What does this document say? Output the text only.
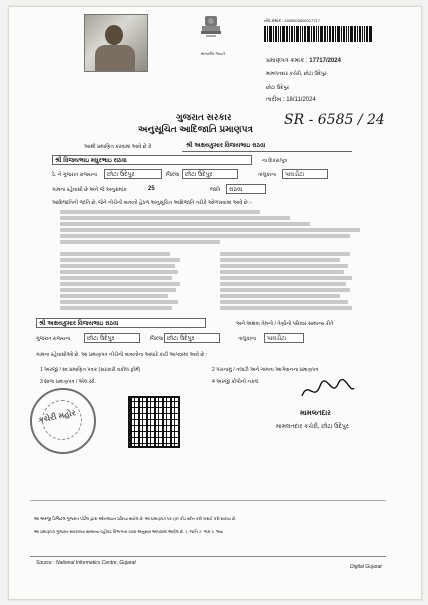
સત્યમેવ જયતે
નોંધ ક્રમાંક : 2400002600017717
પ્રમાણપત્ર ક્રમાંક : 17717/2024
મામલતદાર કચેરી, છોટા ઉદેપુર
છોટા ઉદેપુર
તારીખ : 18/11/2024
SR - 6585 / 24
ગુજરાત સરકાર
અનુસૂચિત આદિજાતિ પ્રમાણપત્ર
આથી પ્રમાણિત કરવામાં આવે છે કે	શ્રી અક્ષયકુમાર વિજયભાઇ રાઠવા
શ્રી વિજયભાઇ મધુરભાઇ રાઠવા	ના દિકરા/પુત્ર
ઠે. ને ગુજરાત રાજ્યના	છોટા ઉદેપુર	જિલ્લા છોટા ઉદેપુર	તાલુકાના	પાવડીટા
ગામના રહેવાસી છે અને જે અનુક્રમાંક	25	જાતિ	રાઠવા
આદિજાતિની જાતિ છે, જેને નીચેની બાબતો હેઠળ અનુસૂચિત આદિજાતિ તરીકે ઓળખવામાં આવે છે :-
શ્રી અક્ષયકુમાર વિજયભાઇ રાઠવા	અને અથવા તેમનો / તેણીનો પરિવાર સામાન્ય રીતે
ગુજરાત રાજ્યના	છોટા ઉદેપુર	જિલ્લા છોટા ઉદેપુર	તાલુકાના	પાવડીટા
ગામના રહેવાસીઓ છે. આ પ્રમાણપત્ર નીચેની બાબતોના આધારે કાઢી આપવામાં આવે છે :
1 અરજી / સ્વ પ્રમાણિત પત્રક (સરકારી વકીલ ફોર્મ)	2 પંચનામું / તલાટી અને ગામના આગેવાનના પ્રમાણપત્ર
3 શાળા પ્રમાણપત્ર / એલ.સી.	4 અરજી કોપીની નકલ
કચેરી મહોર	મામલતદાર
મામલતદાર કચેરી, છોટા ઉદેપુર
આ અરજી ડિજિટલ ગુજરાત પોર્ટલ દ્વારા ઓનલાઇન પ્રક્રિયા થયેલ છે. આ પ્રમાણપત્ર પર QR કોડ સ્કેન કરી ખરાઈ કરી શકાય છે.
આ પ્રમાણપત્ર ગુજરાત સરકારના સામાન્ય વહીવટ વિભાગના ઠરાવ અનુસાર આપવામાં આવેલ છે. 1. જાતિ 2. ગામ 3. ભાષા
Source : National Informatics Centre, Gujarat
Digital Gujarat
